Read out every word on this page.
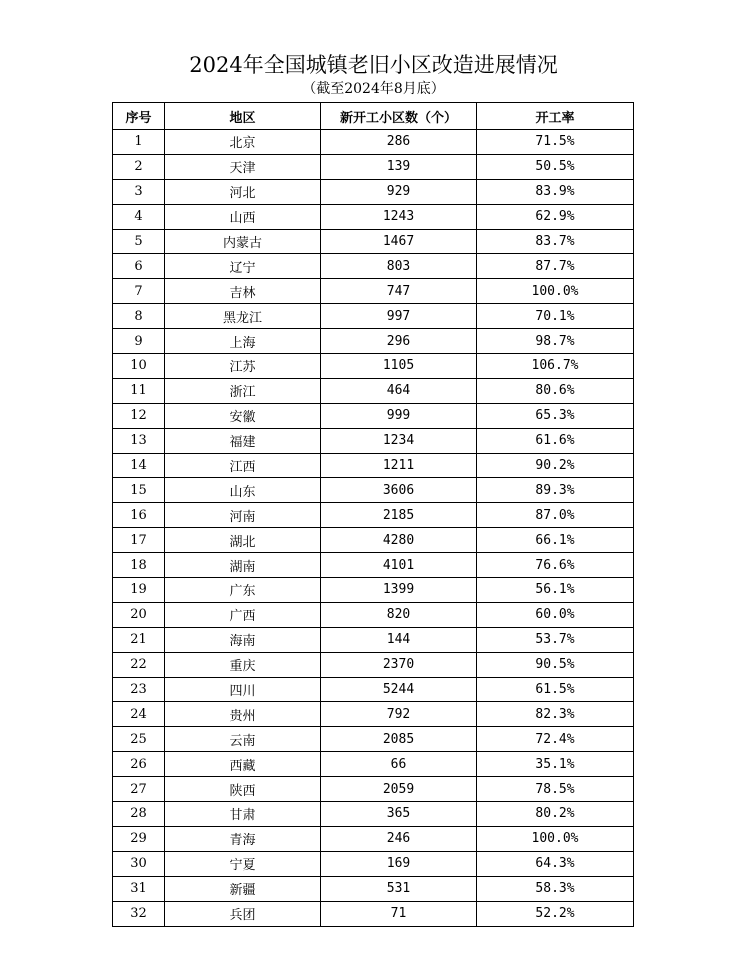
2024年全国城镇老旧小区改造进展情况
（截至2024年8月底）
序号	地区	新开工小区数（个）	开工率
1	北京	286	71.5%
2	天津	139	50.5%
3	河北	929	83.9%
4	山西	1243	62.9%
5	内蒙古	1467	83.7%
6	辽宁	803	87.7%
7	吉林	747	100.0%
8	黑龙江	997	70.1%
9	上海	296	98.7%
10	江苏	1105	106.7%
11	浙江	464	80.6%
12	安徽	999	65.3%
13	福建	1234	61.6%
14	江西	1211	90.2%
15	山东	3606	89.3%
16	河南	2185	87.0%
17	湖北	4280	66.1%
18	湖南	4101	76.6%
19	广东	1399	56.1%
20	广西	820	60.0%
21	海南	144	53.7%
22	重庆	2370	90.5%
23	四川	5244	61.5%
24	贵州	792	82.3%
25	云南	2085	72.4%
26	西藏	66	35.1%
27	陕西	2059	78.5%
28	甘肃	365	80.2%
29	青海	246	100.0%
30	宁夏	169	64.3%
31	新疆	531	58.3%
32	兵团	71	52.2%
